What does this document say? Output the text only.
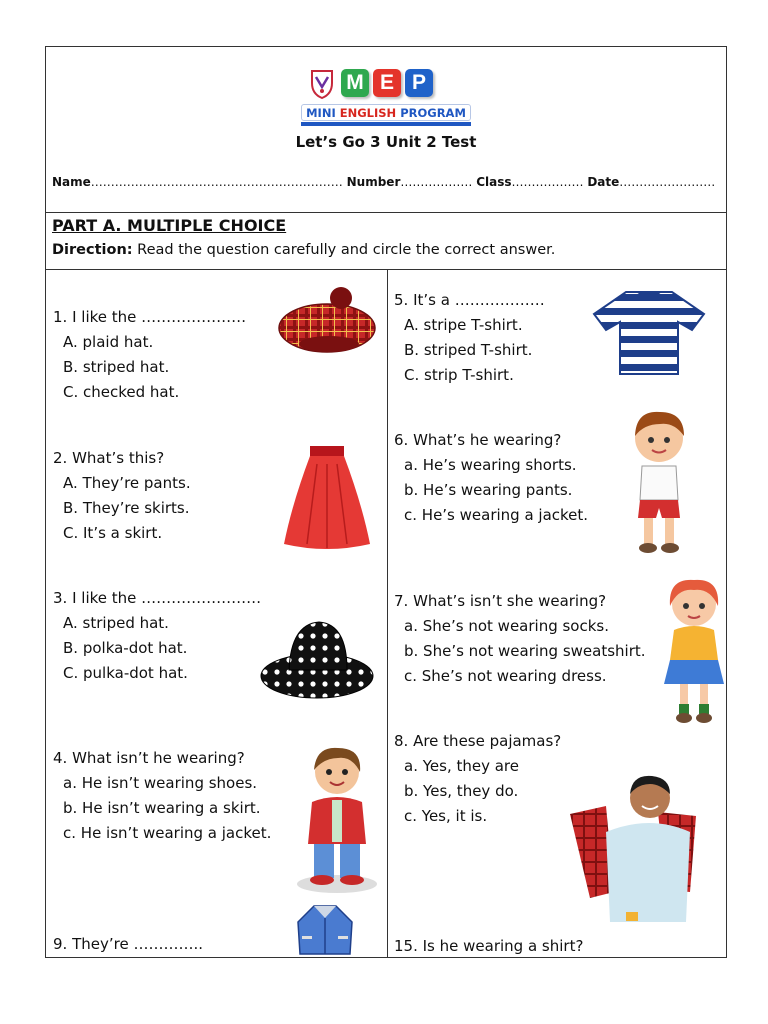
M E P
MINI ENGLISH PROGRAM
Let’s Go 3 Unit 2 Test
Name……………………………………………………… Number……………… Class……………… Date……………………
PART A. MULTIPLE CHOICE
Direction: Read the question carefully and circle the correct answer.
1. I like the …………………
A. plaid hat.
B. striped hat.
C. checked hat.
2. What’s this?
A. They’re pants.
B. They’re skirts.
C. It’s a skirt.
3. I like the ……………………
A. striped hat.
B. polka-dot hat.
C. pulka-dot hat.
4. What isn’t he wearing?
a. He isn’t wearing shoes.
b. He isn’t wearing a skirt.
c. He isn’t wearing a jacket.
9. They’re …………..
5. It’s a ………………
A. stripe T-shirt.
B. striped T-shirt.
C. strip T-shirt.
6. What’s he wearing?
a. He’s wearing shorts.
b. He’s wearing pants.
c. He’s wearing a jacket.
7. What’s isn’t she wearing?
a. She’s not wearing socks.
b. She’s not wearing sweatshirt.
c. She’s not wearing dress.
8. Are these pajamas?
a. Yes, they are
b. Yes, they do.
c. Yes, it is.
15. Is he wearing a shirt?
